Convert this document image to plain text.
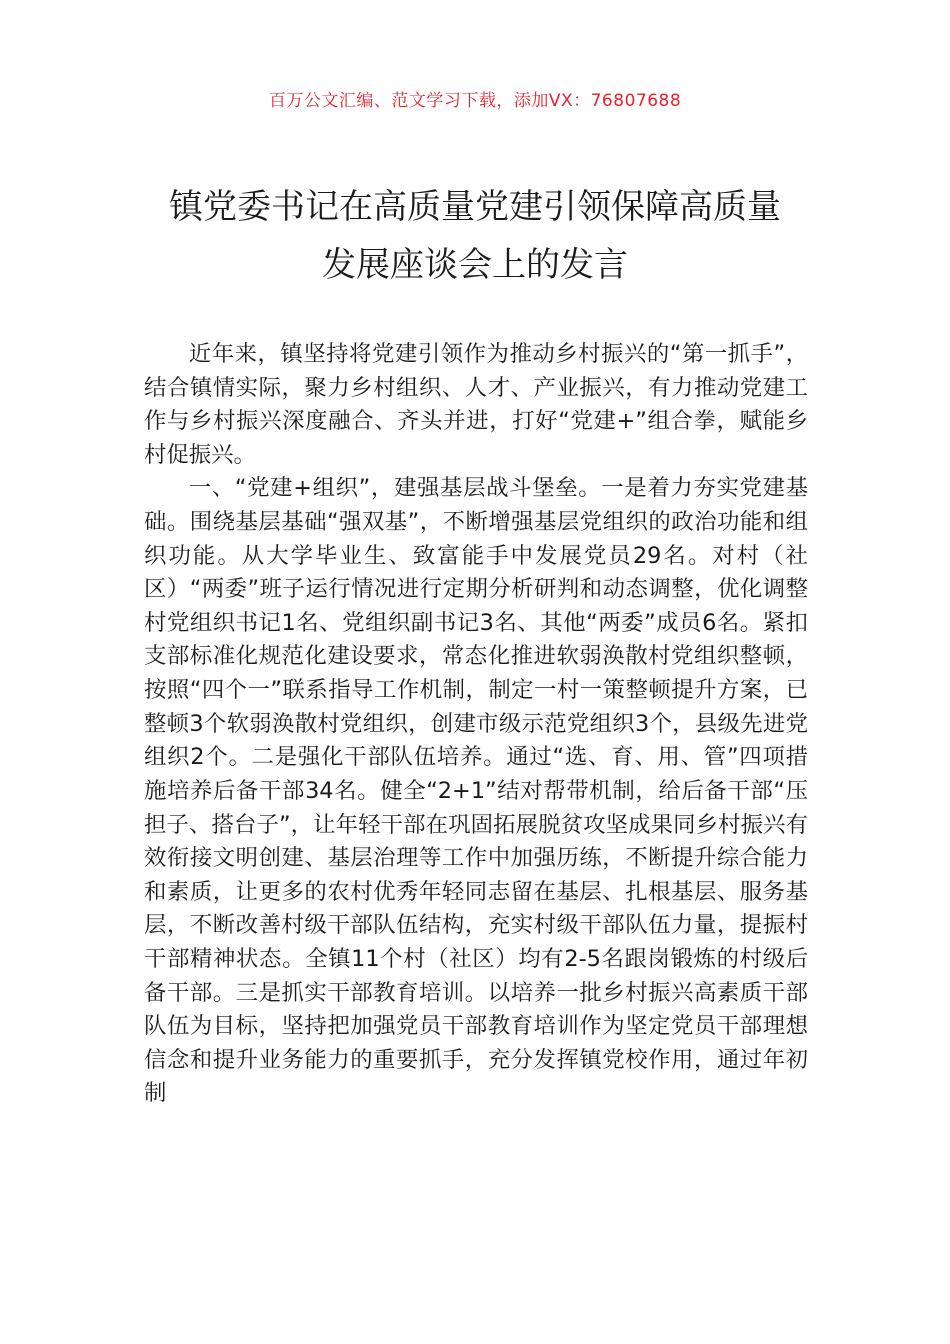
百万公文汇编、范文学习下载，添加VX：76807688
镇党委书记在高质量党建引领保障高质量
发展座谈会上的发言

近年来，镇坚持将党建引领作为推动乡村振兴的“第一抓手”，结合镇情实际，聚力乡村组织、人才、产业振兴，有力推动党建工作与乡村振兴深度融合、齐头并进，打好“党建+”组合拳，赋能乡村促振兴。

一、“党建+组织”，建强基层战斗堡垒。一是着力夯实党建基础。围绕基层基础“强双基”，不断增强基层党组织的政治功能和组织功能。从大学毕业生、致富能手中发展党员29名。对村（社区）“两委”班子运行情况进行定期分析研判和动态调整，优化调整村党组织书记1名、党组织副书记3名、其他“两委”成员6名。紧扣支部标准化规范化建设要求，常态化推进软弱涣散村党组织整顿，按照“四个一”联系指导工作机制，制定一村一策整顿提升方案，已整顿3个软弱涣散村党组织，创建市级示范党组织3个，县级先进党组织2个。二是强化干部队伍培养。通过“选、育、用、管”四项措施培养后备干部34名。健全“2+1”结对帮带机制，给后备干部“压担子、搭台子”，让年轻干部在巩固拓展脱贫攻坚成果同乡村振兴有效衔接文明创建、基层治理等工作中加强历练，不断提升综合能力和素质，让更多的农村优秀年轻同志留在基层、扎根基层、服务基层，不断改善村级干部队伍结构，充实村级干部队伍力量，提振村干部精神状态。全镇11个村（社区）均有2-5名跟岗锻炼的村级后备干部。三是抓实干部教育培训。以培养一批乡村振兴高素质干部队伍为目标，坚持把加强党员干部教育培训作为坚定党员干部理想信念和提升业务能力的重要抓手，充分发挥镇党校作用，通过年初制
